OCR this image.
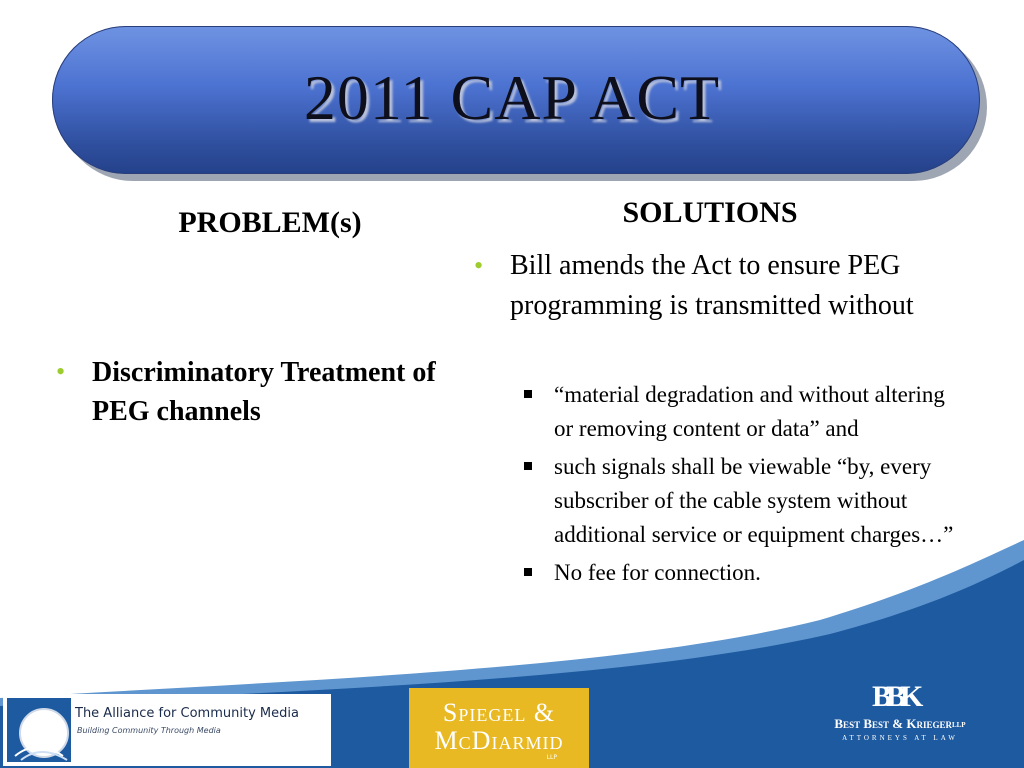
2011 CAP ACT
PROBLEM(s)	SOLUTIONS
• Discriminatory Treatment of PEG channels
• Bill amends the Act to ensure PEG programming is transmitted without
“material degradation and without altering or removing content or data” and
such signals shall be viewable “by, every subscriber of the cable system without additional service or equipment charges…”
No fee for connection.
The Alliance for Community Media
Building Community Through Media
Spiegel &
McDiarmid
LLP
BBK
Best Best & KriegerLLP
ATTORNEYS AT LAW
